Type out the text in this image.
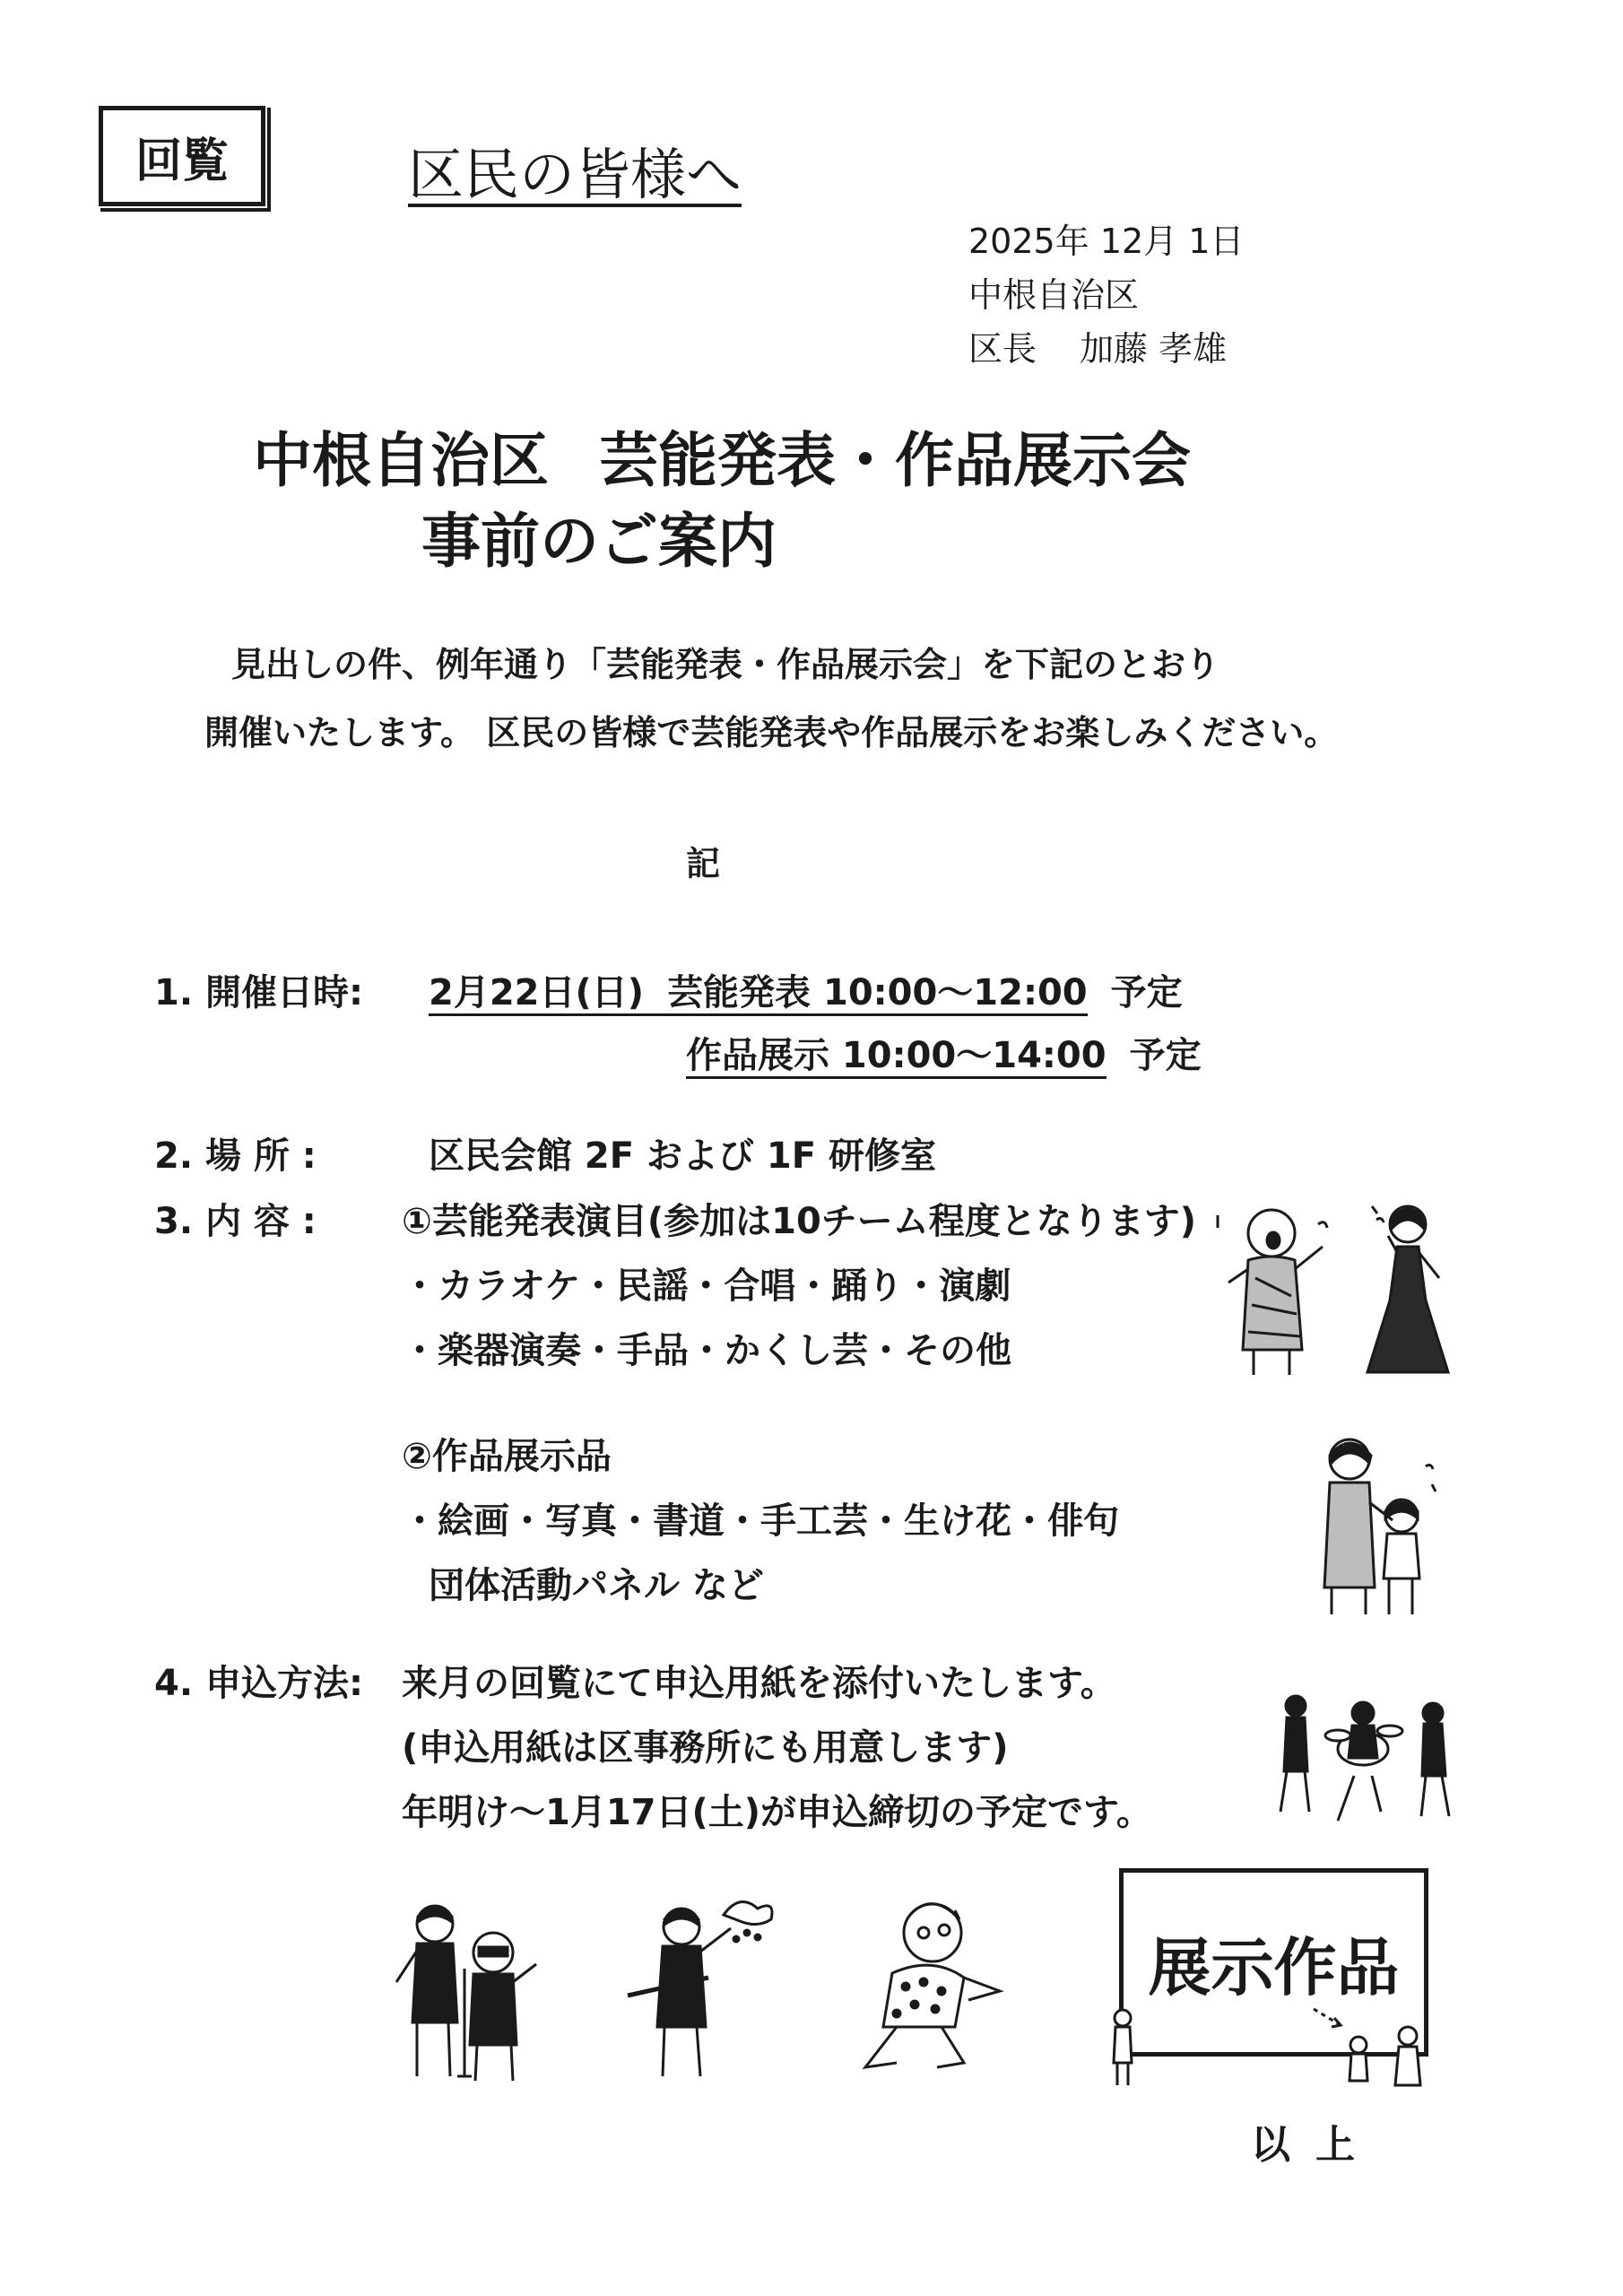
回覧	区民の皆様へ
2025年 12月 1日
中根自治区
区長 加藤 孝雄
中根自治区 芸能発表・作品展示会
事前のご案内
見出しの件、例年通り「芸能発表・作品展示会」を下記のとおり
開催いたします。 区民の皆様で芸能発表や作品展示をお楽しみください。
記
1. 開催日時: 2月22日(日) 芸能発表 10:00～12:00 予定
作品展示 10:00～14:00 予定
2. 場 所 :	区民会館 2F および 1F 研修室
3. 内 容 : ①芸能発表演目(参加は10チーム程度となります)
・カラオケ・民謡・合唱・踊り・演劇
・楽器演奏・手品・かくし芸・その他
②作品展示品
・絵画・写真・書道・手工芸・生け花・俳句
団体活動パネル など
4. 申込方法: 来月の回覧にて申込用紙を添付いたします。
(申込用紙は区事務所にも用意します)
年明け～1月17日(土)が申込締切の予定です。
展示作品
以上
